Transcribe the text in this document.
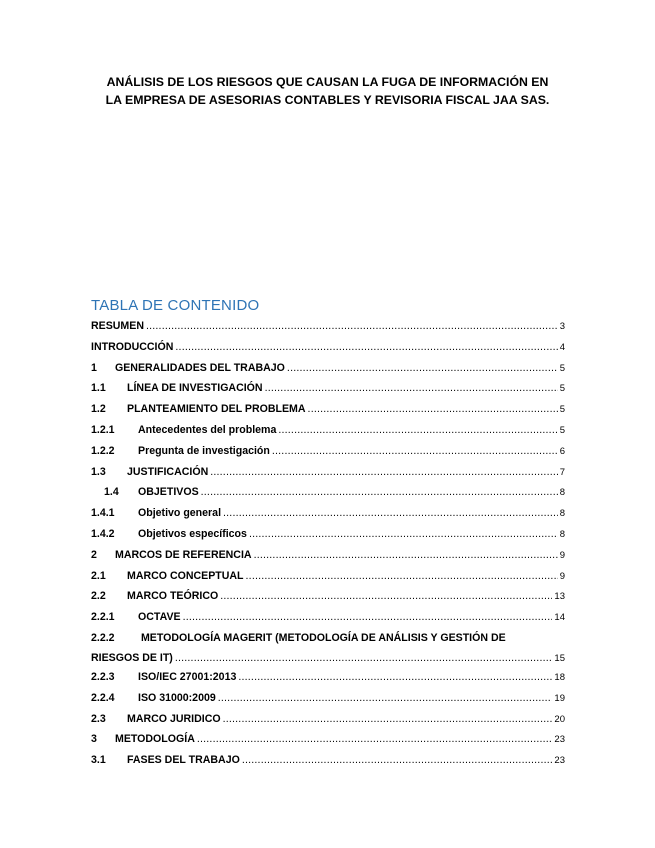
ANÁLISIS DE LOS RIESGOS QUE CAUSAN LA FUGA DE INFORMACIÓN EN
LA EMPRESA DE ASESORIAS CONTABLES Y REVISORIA FISCAL JAA SAS.
TABLA DE CONTENIDO
RESUMEN .....	3
INTRODUCCIÓN .....	4
1	GENERALIDADES DEL TRABAJO .....	5
1.1	LÍNEA DE INVESTIGACIÓN .....	5
1.2	PLANTEAMIENTO DEL PROBLEMA .....	5
1.2.1	Antecedentes del problema .....	5
1.2.2	Pregunta de investigación .....	6
1.3	JUSTIFICACIÓN .....	7
1.4	OBJETIVOS .....	8
1.4.1	Objetivo general .....	8
1.4.2	Objetivos específicos .....	8
2	MARCOS DE REFERENCIA .....	9
2.1	MARCO CONCEPTUAL .....	9
2.2	MARCO TEÓRICO .....	13
2.2.1	OCTAVE .....	14
2.2.2 METODOLOGÍA MAGERIT (METODOLOGÍA DE ANÁLISIS Y GESTIÓN DE
RIESGOS DE IT) .....	15
2.2.3	ISO/IEC 27001:2013 .....	18
2.2.4	ISO 31000:2009 .....	19
2.3	MARCO JURIDICO .....	20
3	METODOLOGÍA .....	23
3.1	FASES DEL TRABAJO .....	23
